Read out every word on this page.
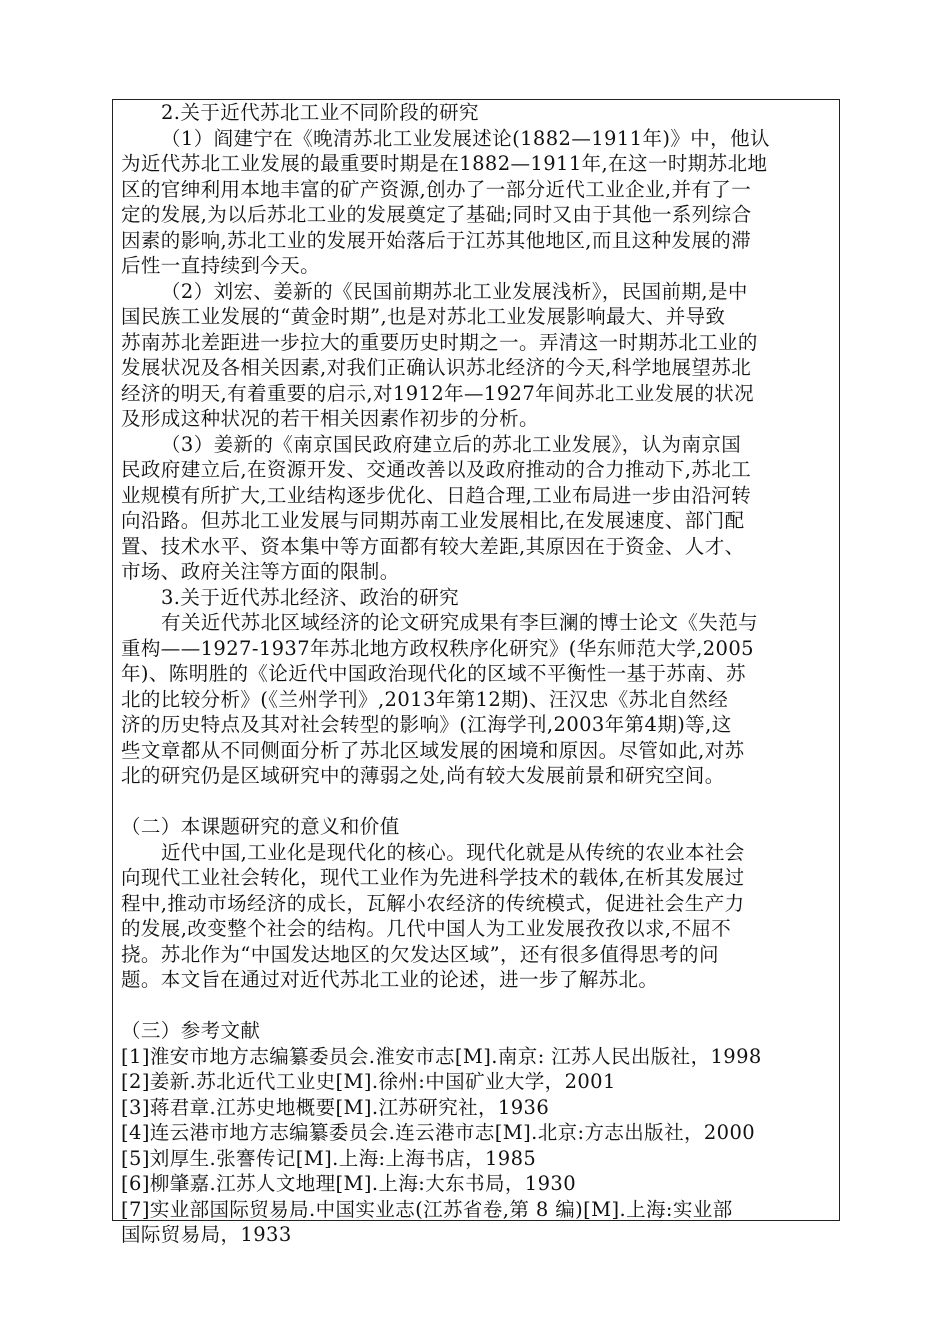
2.关于近代苏北工业不同阶段的研究
（1）阎建宁在《晚清苏北工业发展述论(1882—1911年)》中，他认
为近代苏北工业发展的最重要时期是在1882—1911年,在这一时期苏北地
区的官绅利用本地丰富的矿产资源,创办了一部分近代工业企业,并有了一
定的发展,为以后苏北工业的发展奠定了基础;同时又由于其他一系列综合
因素的影响,苏北工业的发展开始落后于江苏其他地区,而且这种发展的滞
后性一直持续到今天。
（2）刘宏、姜新的《民国前期苏北工业发展浅析》，民国前期,是中
国民族工业发展的“黄金时期”,也是对苏北工业发展影响最大、并导致
苏南苏北差距进一步拉大的重要历史时期之一。弄清这一时期苏北工业的
发展状况及各相关因素,对我们正确认识苏北经济的今天,科学地展望苏北
经济的明天,有着重要的启示,对1912年—1927年间苏北工业发展的状况
及形成这种状况的若干相关因素作初步的分析。
（3）姜新的《南京国民政府建立后的苏北工业发展》，认为南京国
民政府建立后,在资源开发、交通改善以及政府推动的合力推动下,苏北工
业规模有所扩大,工业结构逐步优化、日趋合理,工业布局进一步由沿河转
向沿路。但苏北工业发展与同期苏南工业发展相比,在发展速度、部门配
置、技术水平、资本集中等方面都有较大差距,其原因在于资金、人才、
市场、政府关注等方面的限制。
3.关于近代苏北经济、政治的研究
有关近代苏北区域经济的论文研究成果有李巨澜的博士论文《失范与
重构——1927-1937年苏北地方政权秩序化研究》(华东师范大学,2005
年)、陈明胜的《论近代中国政治现代化的区域不平衡性一基于苏南、苏
北的比较分析》(《兰州学刊》,2013年第12期)、汪汉忠《苏北自然经
济的历史特点及其对社会转型的影响》(江海学刊,2003年第4期)等,这
些文章都从不同侧面分析了苏北区域发展的困境和原因。尽管如此,对苏
北的研究仍是区域研究中的薄弱之处,尚有较大发展前景和研究空间。
（二）本课题研究的意义和价值
近代中国,工业化是现代化的核心。现代化就是从传统的农业本社会
向现代工业社会转化，现代工业作为先进科学技术的载体,在析其发展过
程中,推动市场经济的成长，瓦解小农经济的传统模式，促进社会生产力
的发展,改变整个社会的结构。几代中国人为工业发展孜孜以求,不屈不
挠。苏北作为“中国发达地区的欠发达区域”，还有很多值得思考的问
题。本文旨在通过对近代苏北工业的论述，进一步了解苏北。
（三）参考文献
[1]淮安市地方志编纂委员会.淮安市志[M].南京: 江苏人民出版社，1998
[2]姜新.苏北近代工业史[M].徐州:中国矿业大学，2001
[3]蒋君章.江苏史地概要[M].江苏研究社，1936
[4]连云港市地方志编纂委员会.连云港市志[M].北京:方志出版社，2000
[5]刘厚生.张謇传记[M].上海:上海书店，1985
[6]柳肇嘉.江苏人文地理[M].上海:大东书局，1930
[7]实业部国际贸易局.中国实业志(江苏省卷,第 8 编)[M].上海:实业部
国际贸易局，1933
